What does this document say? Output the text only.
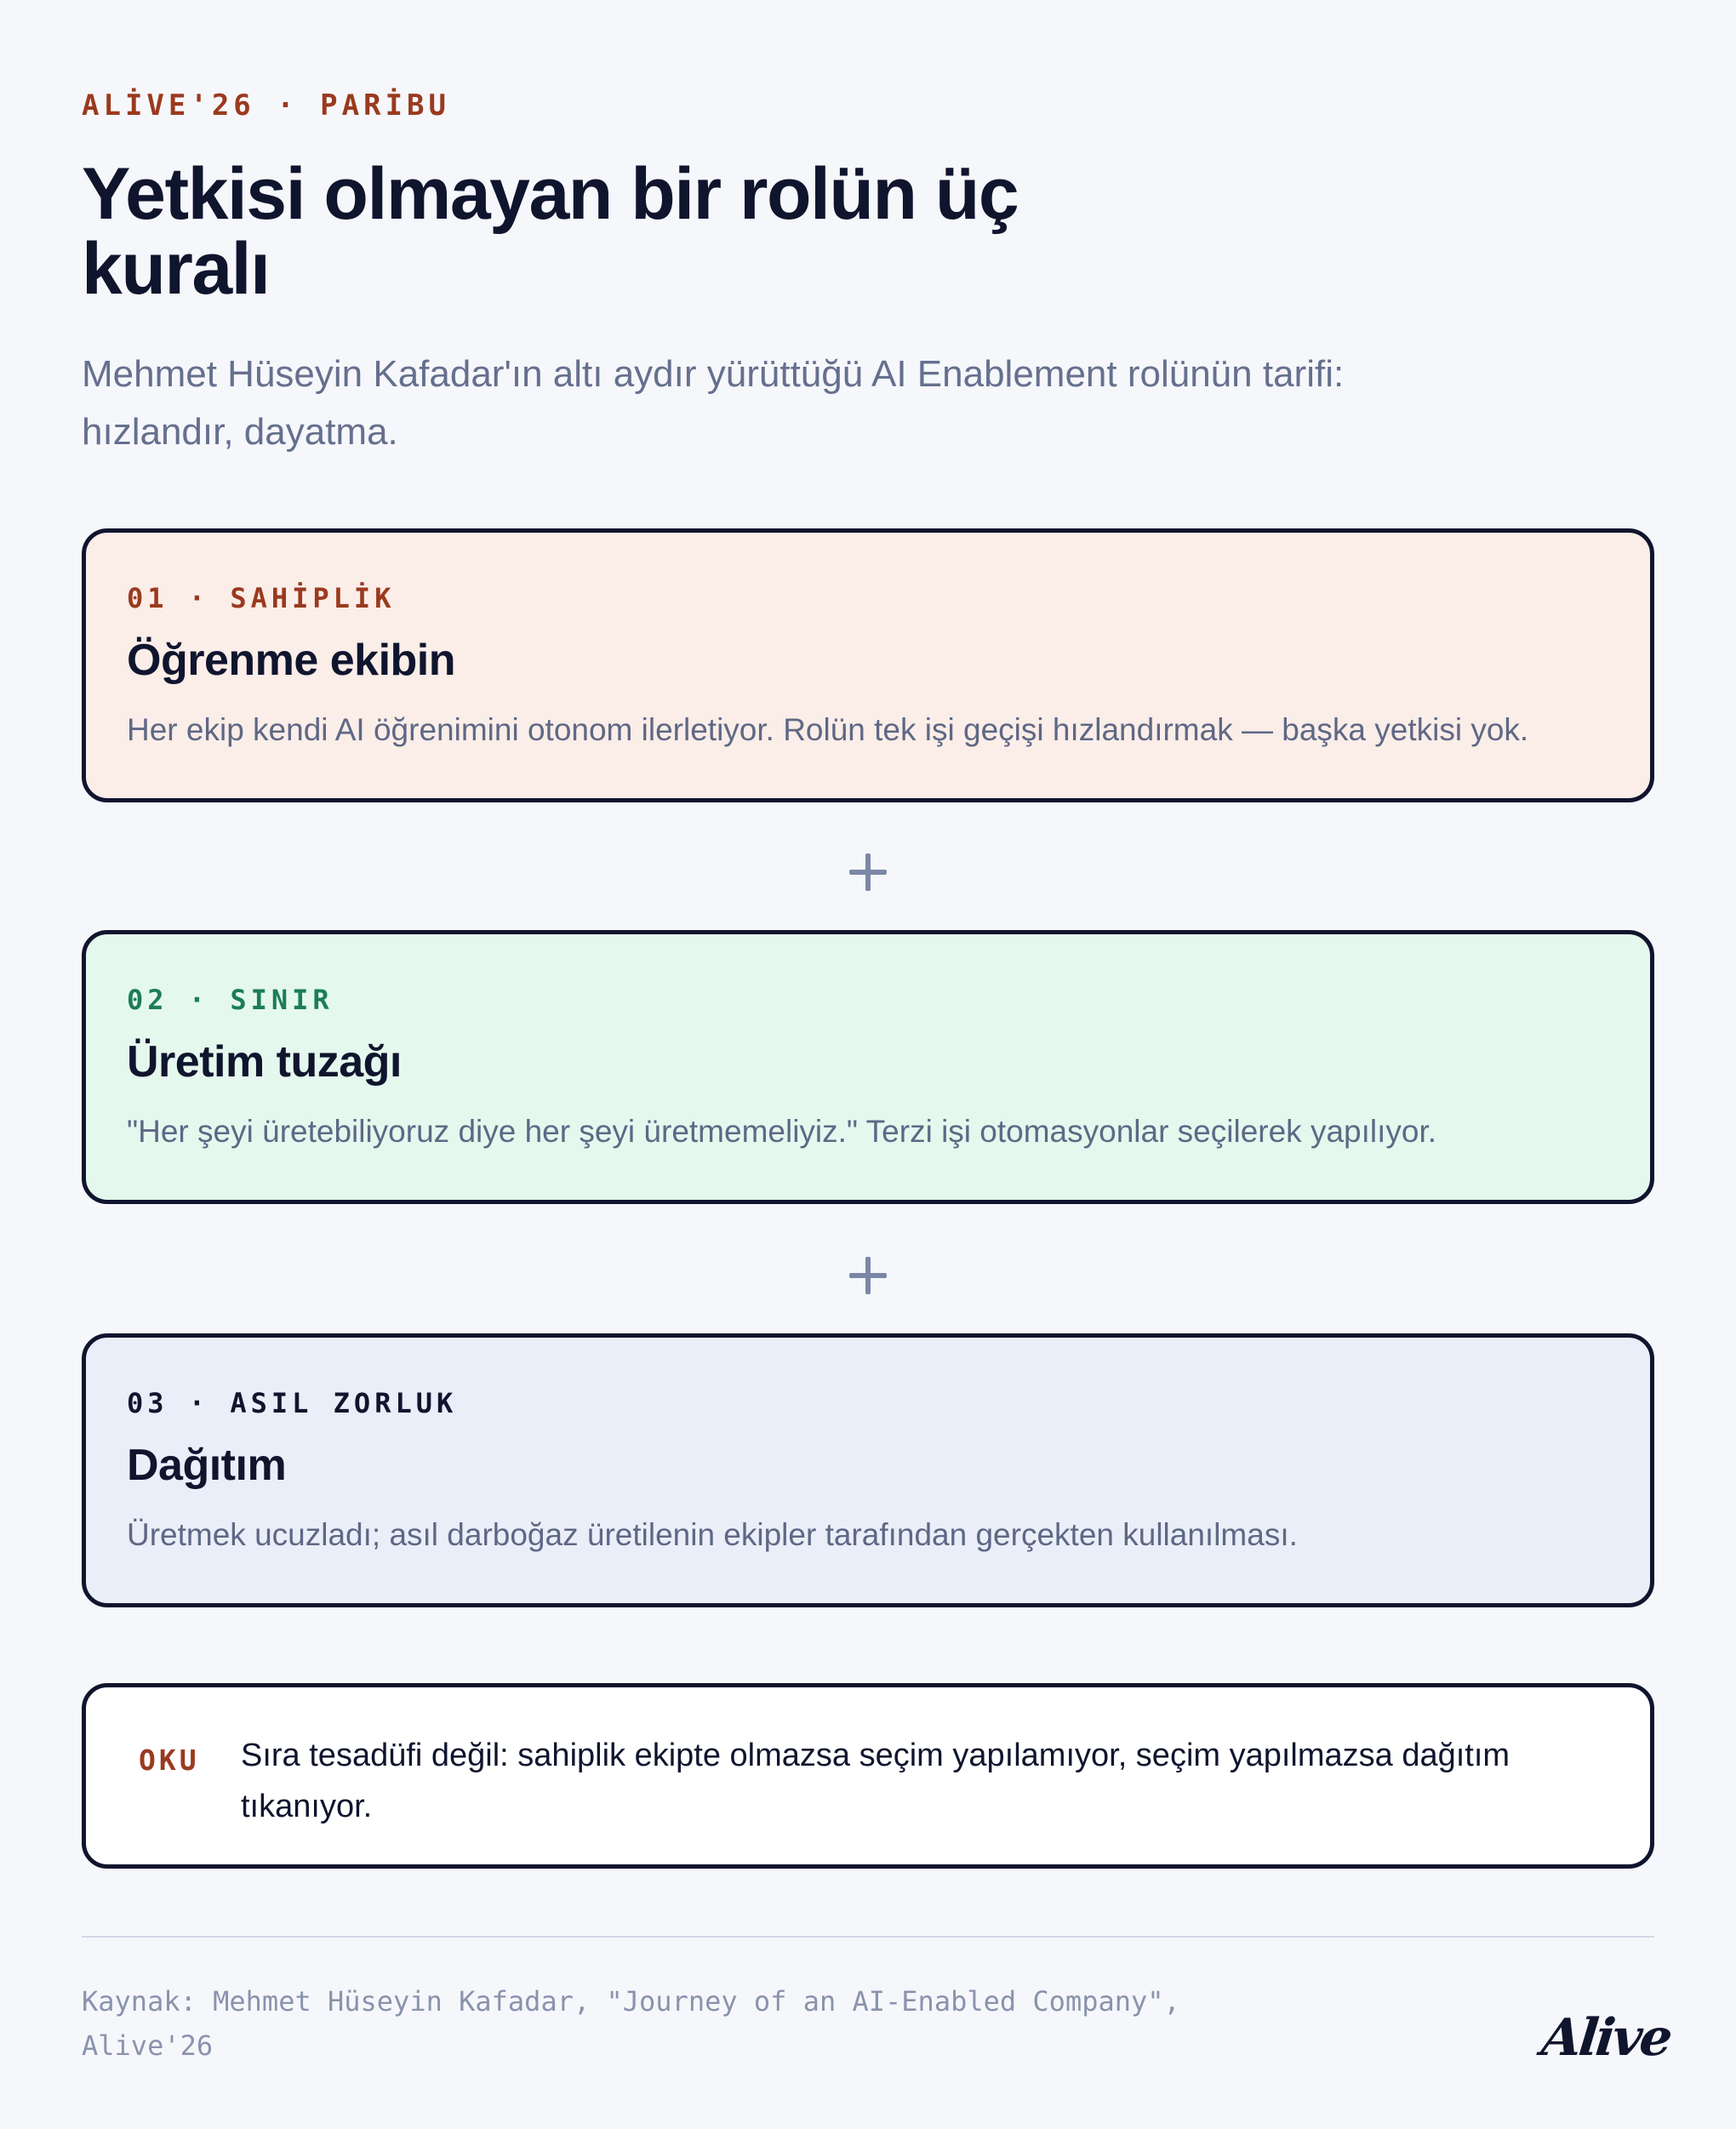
ALİVE'26 · PARİBU
Yetkisi olmayan bir rolün üç kuralı

Mehmet Hüseyin Kafadar'ın altı aydır yürüttüğü AI Enablement rolünün tarifi: hızlandır, dayatma.

01 · SAHİPLİK
Öğrenme ekibin

Her ekip kendi AI öğrenimini otonom ilerletiyor. Rolün tek işi geçişi hızlandırmak — başka yetkisi yok.

02 · SINIR
Üretim tuzağı

"Her şeyi üretebiliyoruz diye her şeyi üretmemeliyiz." Terzi işi otomasyonlar seçilerek yapılıyor.

03 · ASIL ZORLUK
Dağıtım

Üretmek ucuzladı; asıl darboğaz üretilenin ekipler tarafından gerçekten kullanılması.

OKU Sıra tesadüfi değil: sahiplik ekipte olmazsa seçim yapılamıyor, seçim yapılmazsa dağıtım tıkanıyor.

Kaynak: Mehmet Hüseyin Kafadar, "Journey of an AI-Enabled Company", Alive'26	Alive
